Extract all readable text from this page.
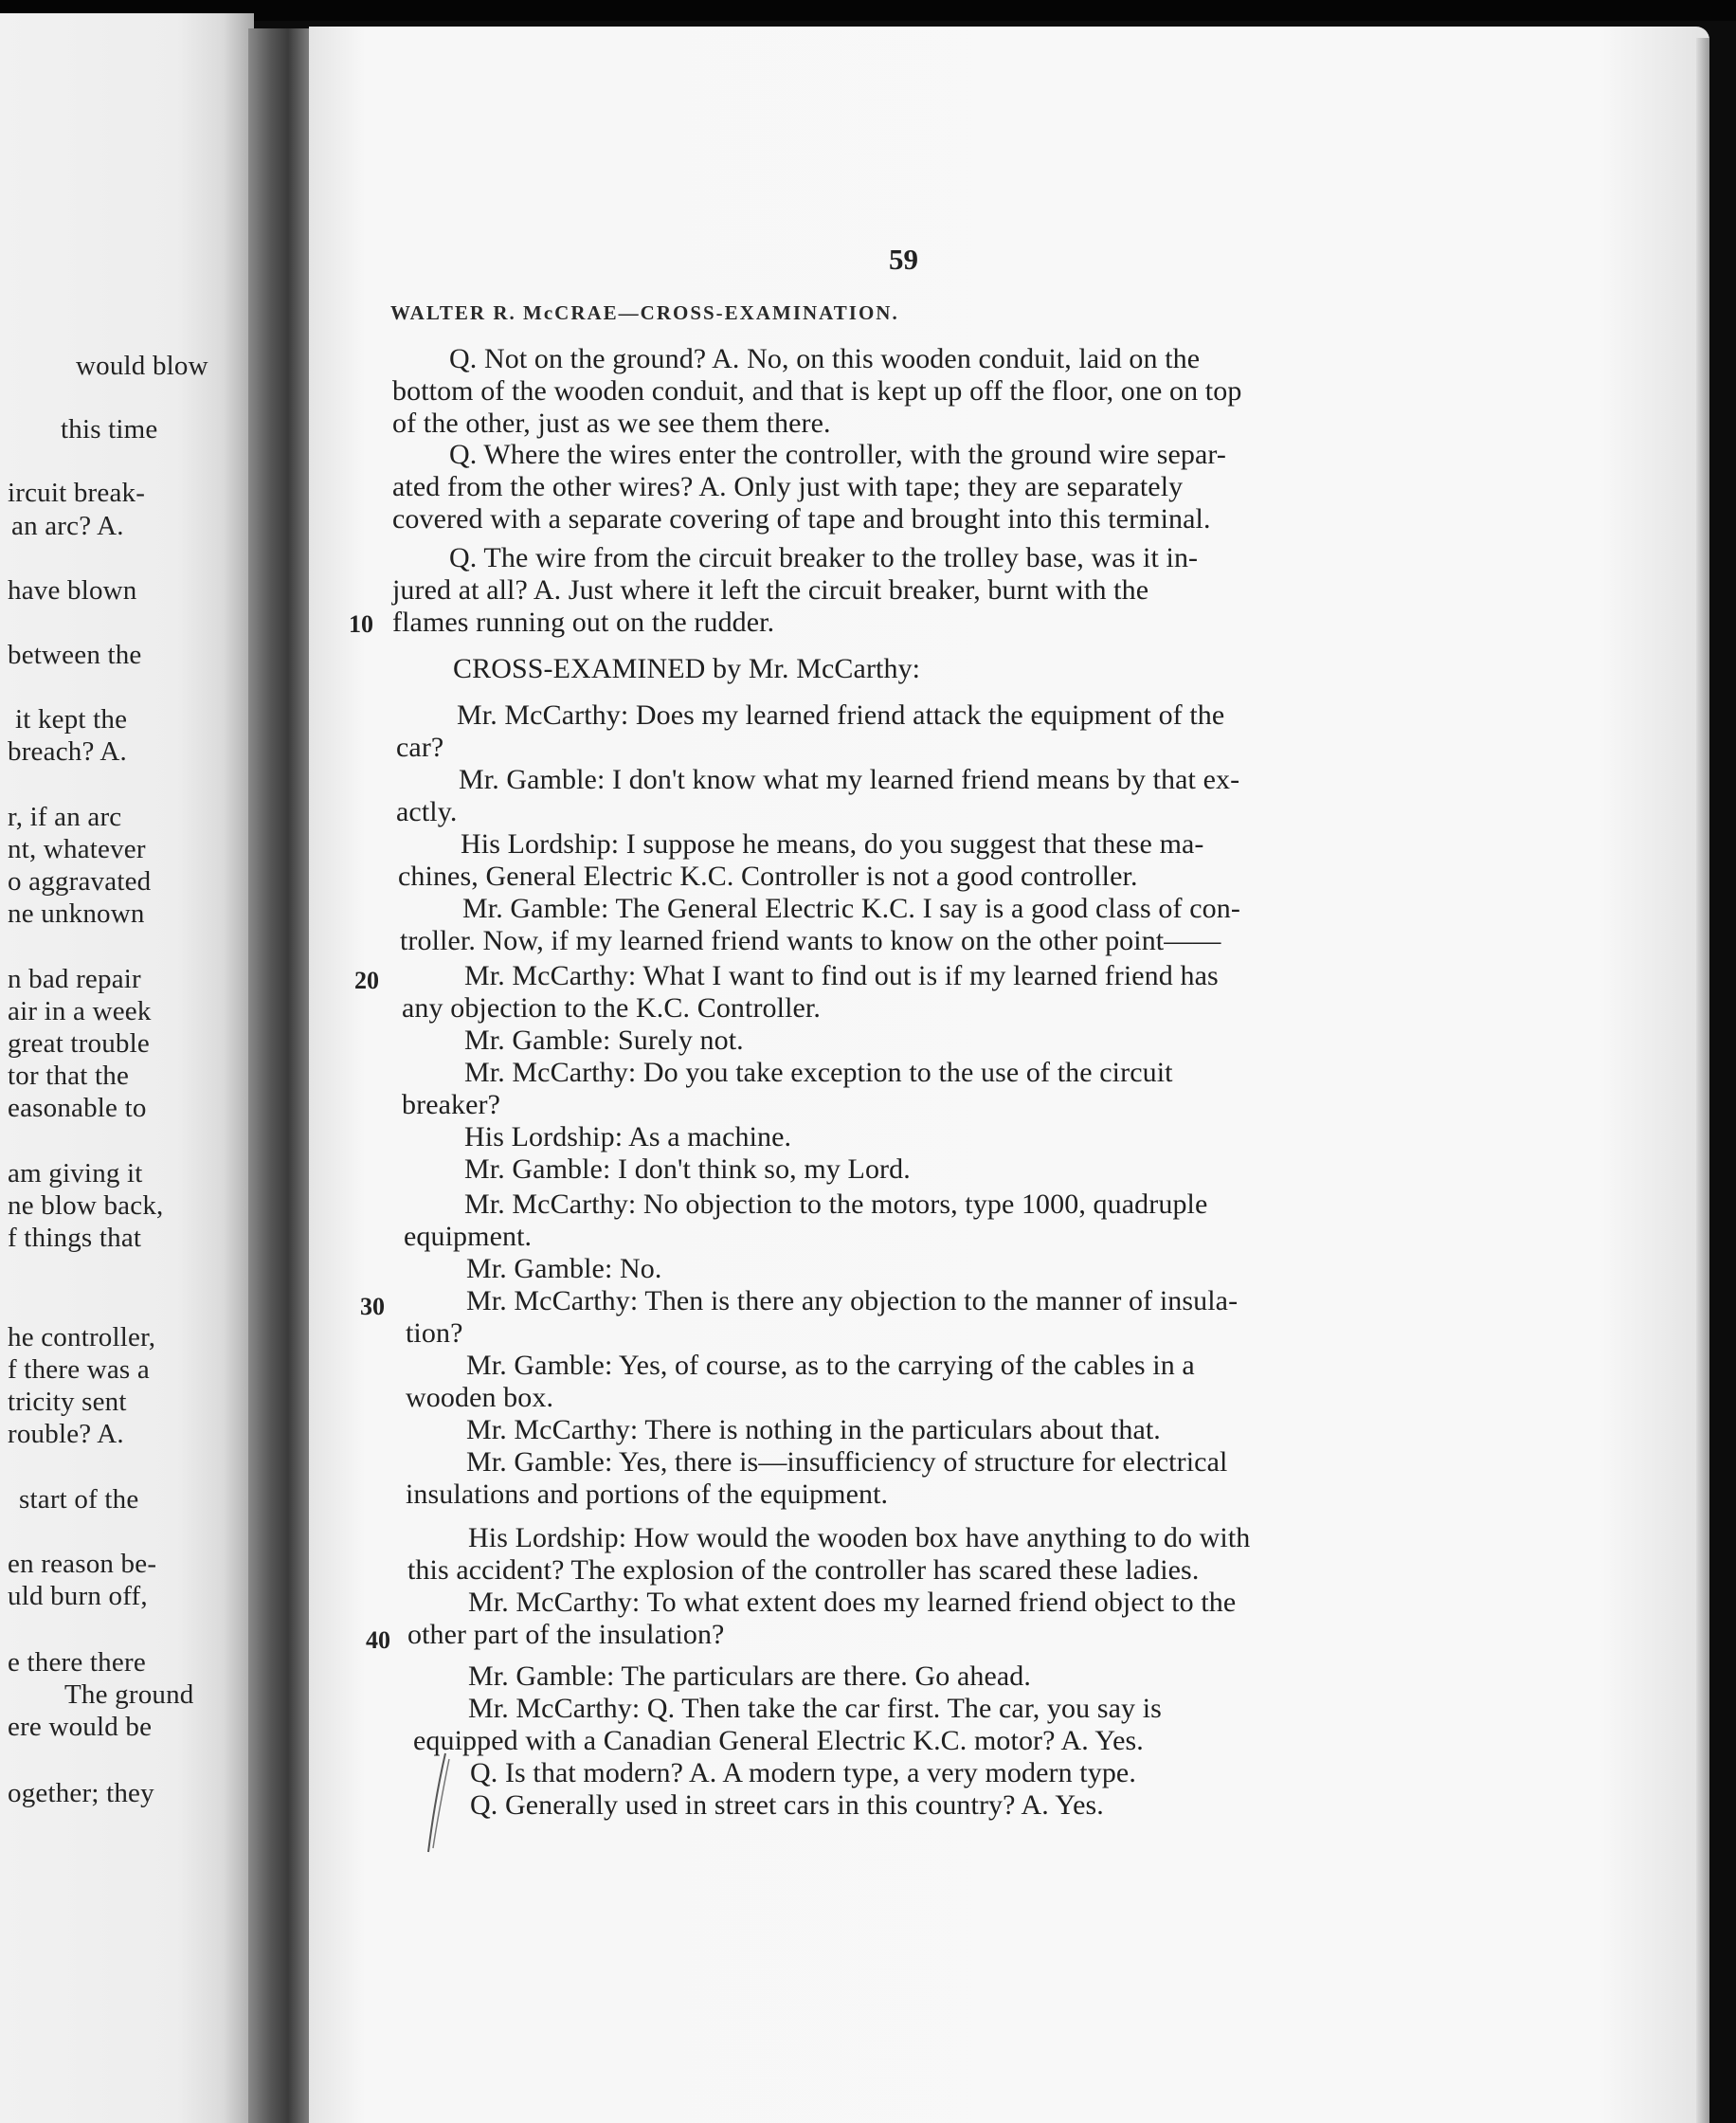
would blow
this time
ircuit break-
an arc? A.
have blown
between the
it kept the
breach? A.
r, if an arc
nt, whatever
o aggravated
ne unknown
n bad repair
air in a week
great trouble
tor that the
easonable to
am giving it
ne blow back,
f things that
he controller,
f there was a
tricity sent
rouble? A.
start of the
en reason be-
uld burn off,
e there there
The ground
ere would be
ogether; they
59
WALTER R. McCRAE—CROSS-EXAMINATION.
10
20
30
40
Q. Not on the ground? A. No, on this wooden conduit, laid on the
bottom of the wooden conduit, and that is kept up off the floor, one on top
of the other, just as we see them there.
Q. Where the wires enter the controller, with the ground wire separ-
ated from the other wires? A. Only just with tape; they are separately
covered with a separate covering of tape and brought into this terminal.
Q. The wire from the circuit breaker to the trolley base, was it in-
jured at all? A. Just where it left the circuit breaker, burnt with the
flames running out on the rudder.
CROSS-EXAMINED by Mr. McCarthy:
Mr. McCarthy: Does my learned friend attack the equipment of the
car?
Mr. Gamble: I don't know what my learned friend means by that ex-
actly.
His Lordship: I suppose he means, do you suggest that these ma-
chines, General Electric K.C. Controller is not a good controller.
Mr. Gamble: The General Electric K.C. I say is a good class of con-
troller. Now, if my learned friend wants to know on the other point——
Mr. McCarthy: What I want to find out is if my learned friend has
any objection to the K.C. Controller.
Mr. Gamble: Surely not.
Mr. McCarthy: Do you take exception to the use of the circuit
breaker?
His Lordship: As a machine.
Mr. Gamble: I don't think so, my Lord.
Mr. McCarthy: No objection to the motors, type 1000, quadruple
equipment.
Mr. Gamble: No.
Mr. McCarthy: Then is there any objection to the manner of insula-
tion?
Mr. Gamble: Yes, of course, as to the carrying of the cables in a
wooden box.
Mr. McCarthy: There is nothing in the particulars about that.
Mr. Gamble: Yes, there is—insufficiency of structure for electrical
insulations and portions of the equipment.
His Lordship: How would the wooden box have anything to do with
this accident? The explosion of the controller has scared these ladies.
Mr. McCarthy: To what extent does my learned friend object to the
other part of the insulation?
Mr. Gamble: The particulars are there. Go ahead.
Mr. McCarthy: Q. Then take the car first. The car, you say is
equipped with a Canadian General Electric K.C. motor? A. Yes.
Q. Is that modern? A. A modern type, a very modern type.
Q. Generally used in street cars in this country? A. Yes.
